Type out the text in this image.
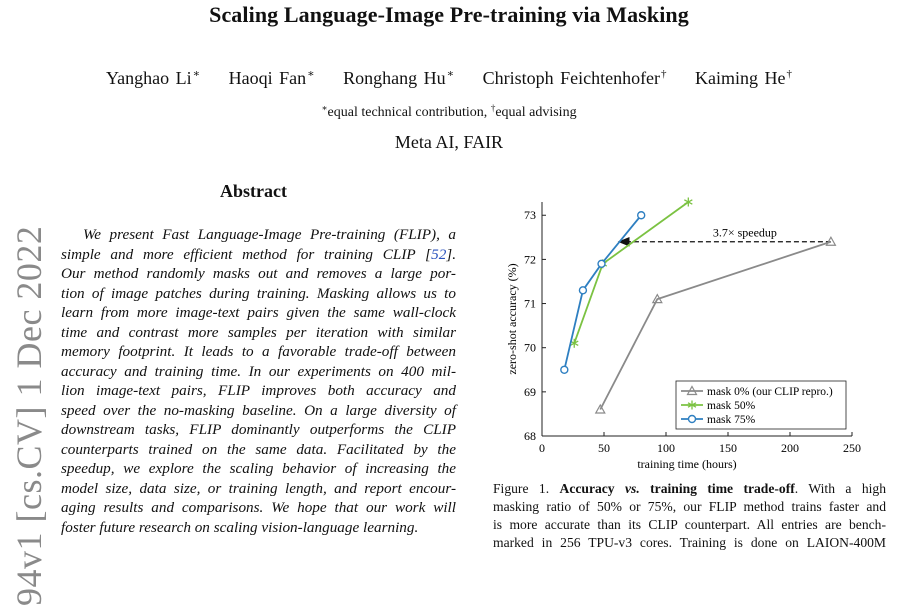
Scaling Language-Image Pre-training via Masking
Yanghao Li∗ Haoqi Fan∗ Ronghang Hu∗ Christoph Feichtenhofer† Kaiming He†
∗equal technical contribution, †equal advising
Meta AI, FAIR
94v1 [cs.CV] 1 Dec 2022
Abstract
We present Fast Language-Image Pre-training (FLIP), a
simple and more efficient method for training CLIP [52].
Our method randomly masks out and removes a large por-
tion of image patches during training. Masking allows us to
learn from more image-text pairs given the same wall-clock
time and contrast more samples per iteration with similar
memory footprint. It leads to a favorable trade-off between
accuracy and training time. In our experiments on 400 mil-
lion image-text pairs, FLIP improves both accuracy and
speed over the no-masking baseline. On a large diversity of
downstream tasks, FLIP dominantly outperforms the CLIP
counterparts trained on the same data. Facilitated by the
speedup, we explore the scaling behavior of increasing the
model size, data size, or training length, and report encour-
aging results and comparisons. We hope that our work will
foster future research on scaling vision-language learning.
0	50	100	150	200	250
68
69
70
71
72
73
training time (hours)
zero-shot accuracy (%)
3.7× speedup
mask 0% (our CLIP repro.)
mask 50%
mask 75%
Figure 1. Accuracy vs. training time trade-off. With a high
masking ratio of 50% or 75%, our FLIP method trains faster and
is more accurate than its CLIP counterpart. All entries are bench-
marked in 256 TPU-v3 cores. Training is done on LAION-400M
